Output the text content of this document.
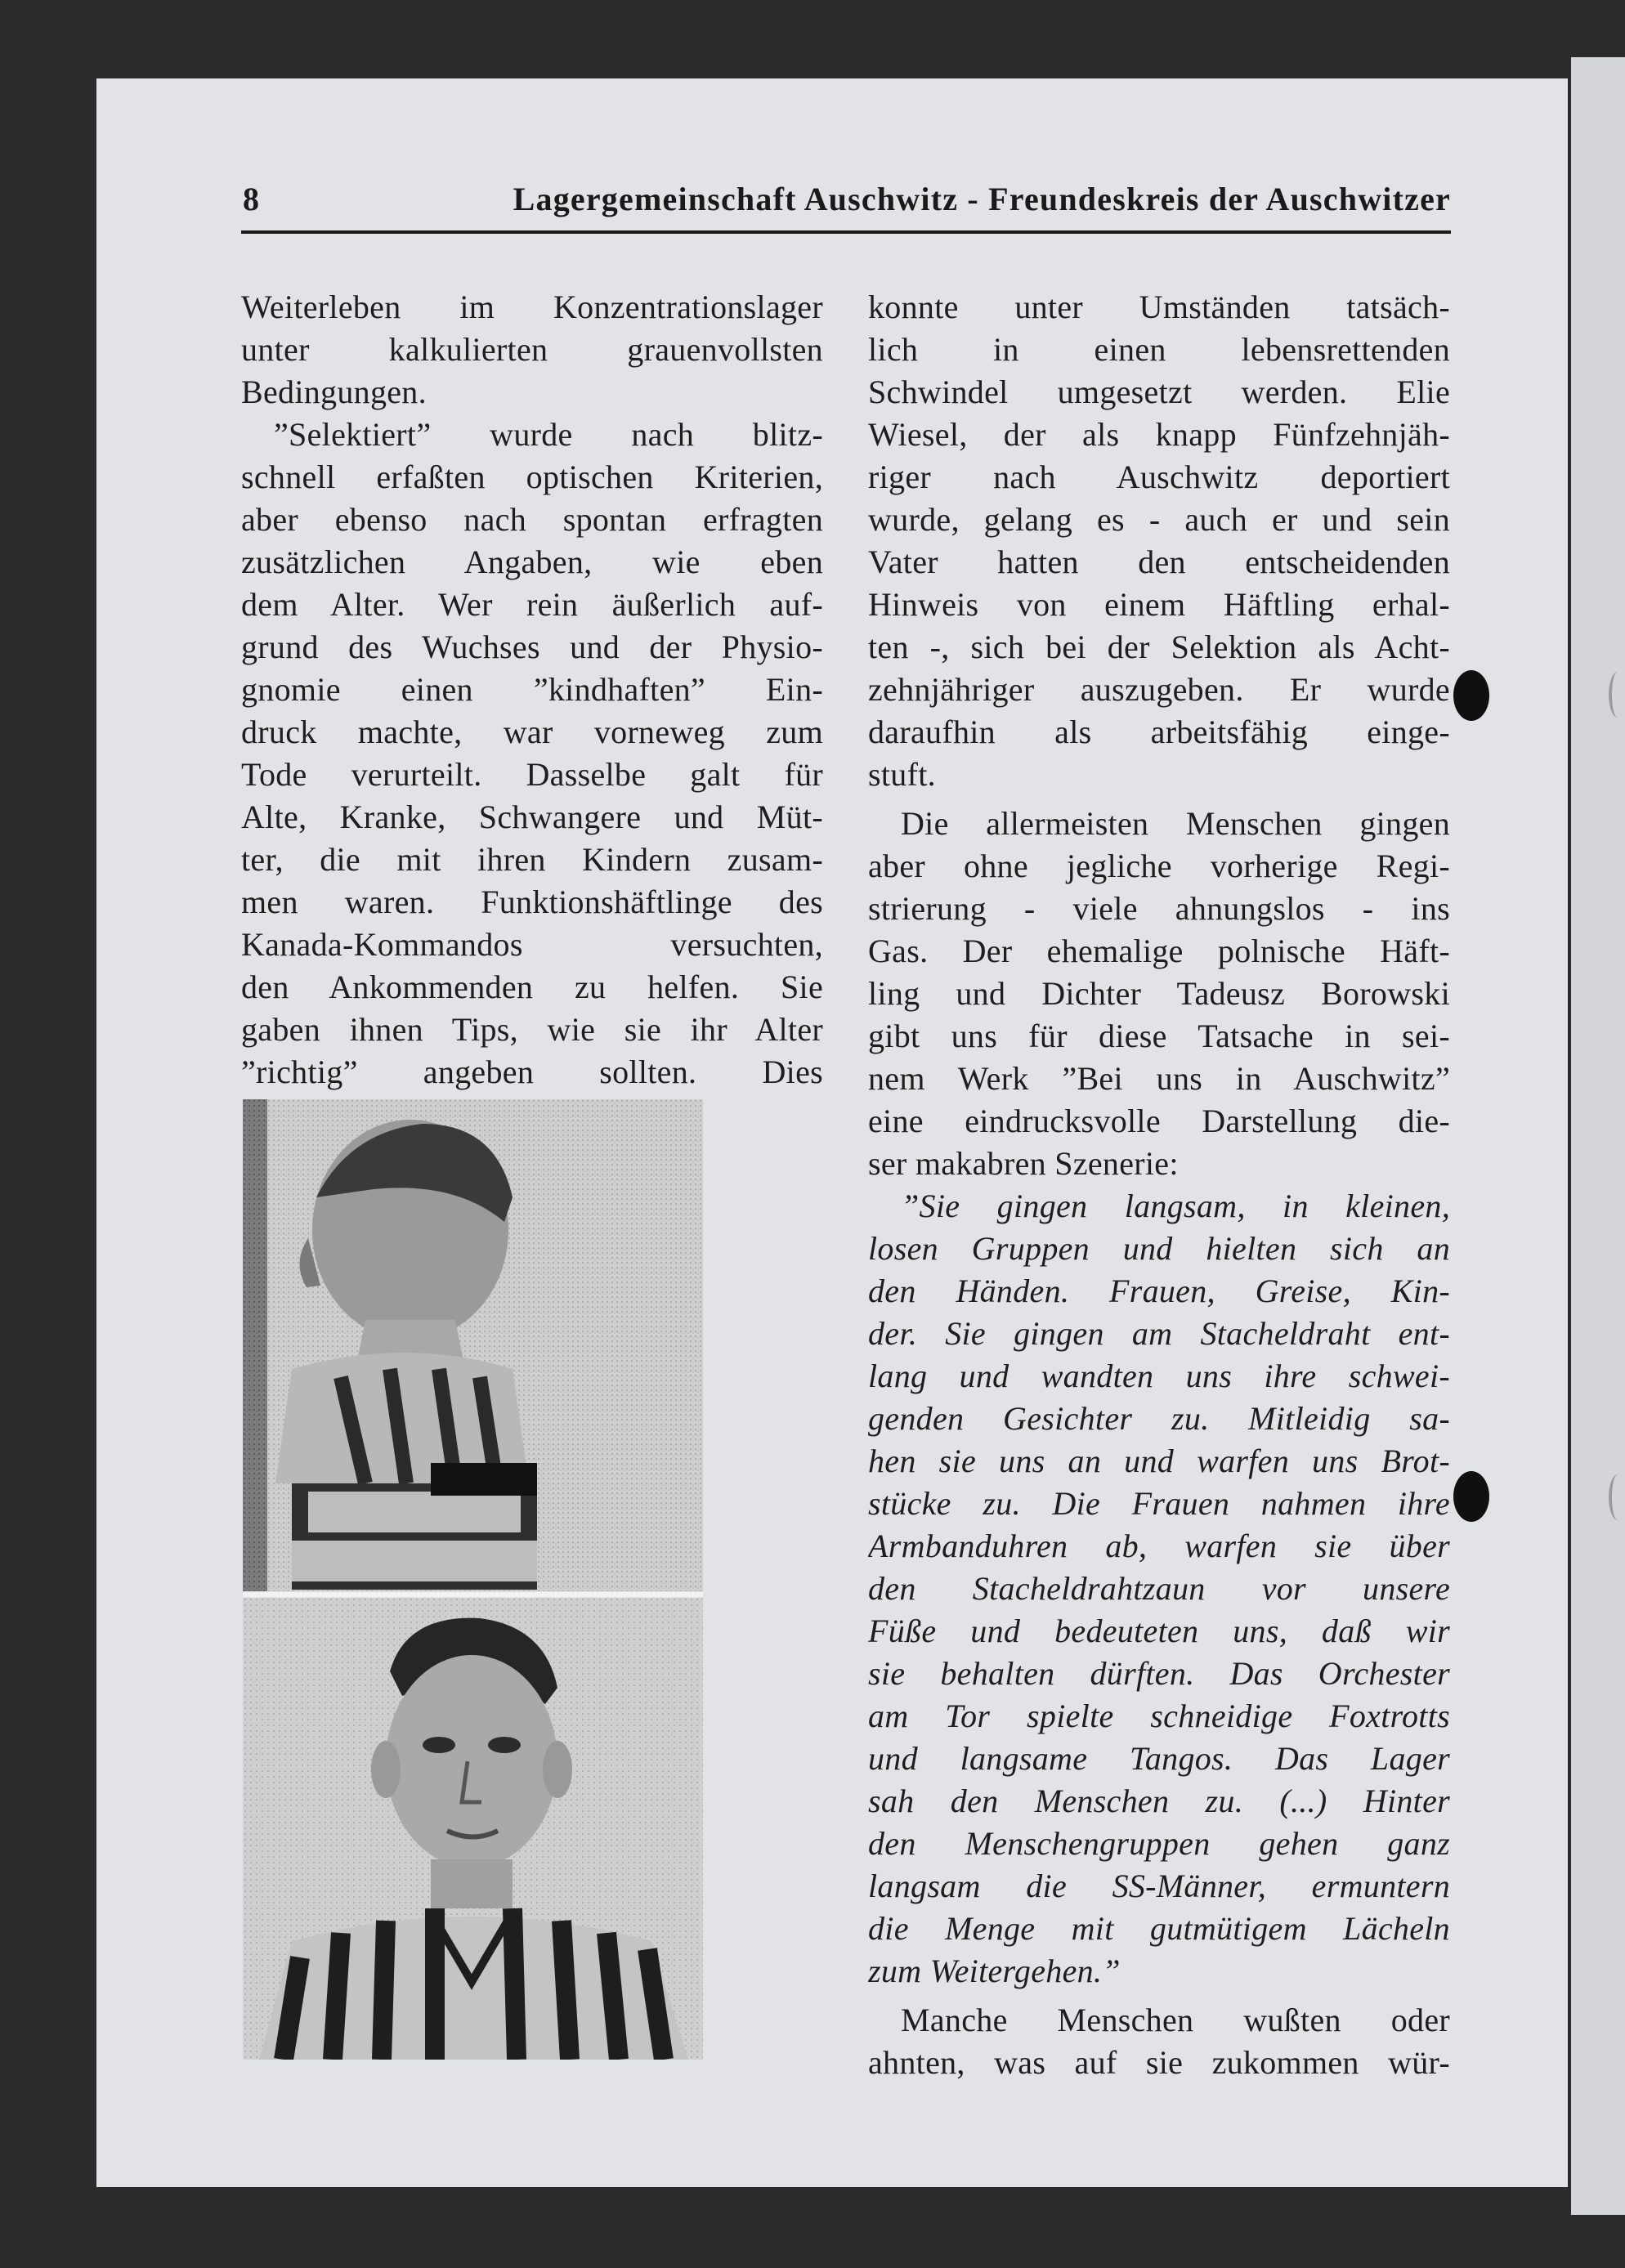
8	Lagergemeinschaft Auschwitz - Freundeskreis der Auschwitzer
Weiterleben im Konzentrationslager
unter kalkulierten grauenvollsten
Bedingungen.
”Selektiert” wurde nach blitz-
schnell erfaßten optischen Kriterien,
aber ebenso nach spontan erfragten
zusätzlichen Angaben, wie eben
dem Alter. Wer rein äußerlich auf-
grund des Wuchses und der Physio-
gnomie einen ”kindhaften” Ein-
druck machte, war vorneweg zum
Tode verurteilt. Dasselbe galt für
Alte, Kranke, Schwangere und Müt-
ter, die mit ihren Kindern zusam-
men waren. Funktionshäftlinge des
Kanada-Kommandos versuchten,
den Ankommenden zu helfen. Sie
gaben ihnen Tips, wie sie ihr Alter
”richtig” angeben sollten. Dies
konnte unter Umständen tatsäch-
lich in einen lebensrettenden
Schwindel umgesetzt werden. Elie
Wiesel, der als knapp Fünfzehnjäh-
riger nach Auschwitz deportiert
wurde, gelang es - auch er und sein
Vater hatten den entscheidenden
Hinweis von einem Häftling erhal-
ten -, sich bei der Selektion als Acht-
zehnjähriger auszugeben. Er wurde
daraufhin als arbeitsfähig einge-
stuft.
Die allermeisten Menschen gingen
aber ohne jegliche vorherige Regi-
strierung - viele ahnungslos - ins
Gas. Der ehemalige polnische Häft-
ling und Dichter Tadeusz Borowski
gibt uns für diese Tatsache in sei-
nem Werk ”Bei uns in Auschwitz”
eine eindrucksvolle Darstellung die-
ser makabren Szenerie:
”Sie gingen langsam, in kleinen,
losen Gruppen und hielten sich an
den Händen. Frauen, Greise, Kin-
der. Sie gingen am Stacheldraht ent-
lang und wandten uns ihre schwei-
genden Gesichter zu. Mitleidig sa-
hen sie uns an und warfen uns Brot-
stücke zu. Die Frauen nahmen ihre
Armbanduhren ab, warfen sie über
den Stacheldrahtzaun vor unsere
Füße und bedeuteten uns, daß wir
sie behalten dürften. Das Orchester
am Tor spielte schneidige Foxtrotts
und langsame Tangos. Das Lager
sah den Menschen zu. (...) Hinter
den Menschengruppen gehen ganz
langsam die SS-Männer, ermuntern
die Menge mit gutmütigem Lächeln
zum Weitergehen.”
Manche Menschen wußten oder
ahnten, was auf sie zukommen wür-
